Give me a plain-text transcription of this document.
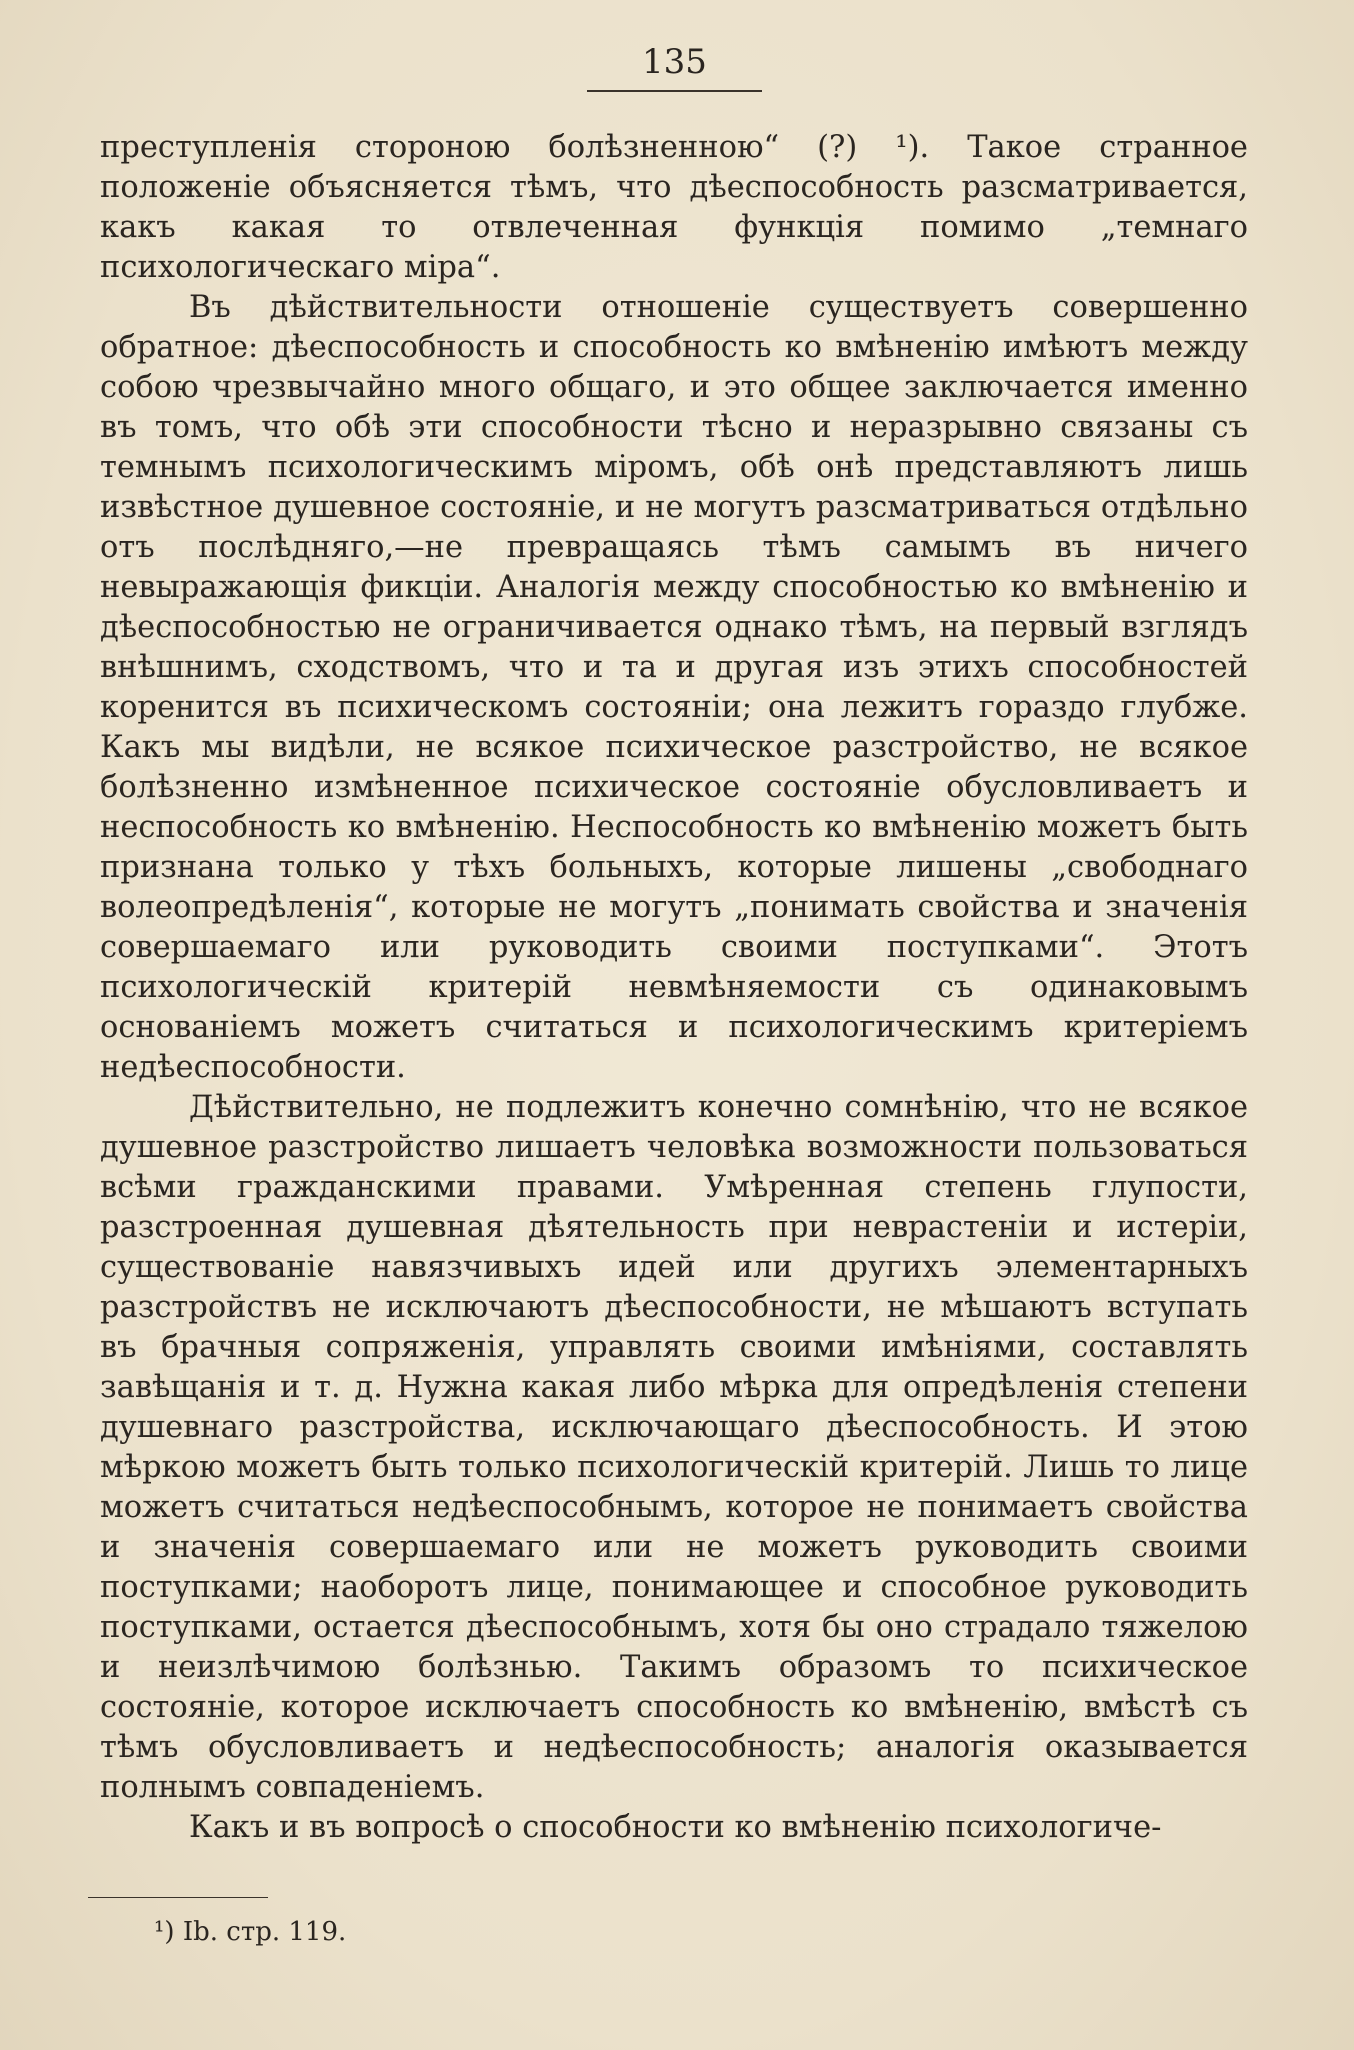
135

преступленія стороною болѣзненною“ (?) ¹). Такое странное положеніе объясняется тѣмъ, что дѣеспособность разсматривается, какъ какая то отвлеченная функція помимо „темнаго психологическаго міра“.

Въ дѣйствительности отношеніе существуетъ совершенно обратное: дѣеспособность и способность ко вмѣненію имѣютъ между собою чрезвычайно много общаго, и это общее заключается именно въ томъ, что обѣ эти способности тѣсно и неразрывно связаны съ темнымъ психологическимъ міромъ, обѣ онѣ представляютъ лишь извѣстное душевное состояніе, и не могутъ разсматриваться отдѣльно отъ послѣдняго,—не превращаясь тѣмъ самымъ въ ничего невыражающія фикціи. Аналогія между способностью ко вмѣненію и дѣеспособностью не ограничивается однако тѣмъ, на первый взглядъ внѣшнимъ, сходствомъ, что и та и другая изъ этихъ способностей коренится въ психическомъ состояніи; она лежитъ гораздо глубже. Какъ мы видѣли, не всякое психическое разстройство, не всякое болѣзненно измѣненное психическое состояніе обусловливаетъ и неспособность ко вмѣненію. Неспособность ко вмѣненію можетъ быть признана только у тѣхъ больныхъ, которые лишены „свободнаго волеопредѣленія“, которые не могутъ „понимать свойства и значенія совершаемаго или руководить своими поступками“. Этотъ психологическій критерій невмѣняемости съ одинаковымъ основаніемъ можетъ считаться и психологическимъ критеріемъ недѣеспособности.

Дѣйствительно, не подлежитъ конечно сомнѣнію, что не всякое душевное разстройство лишаетъ человѣка возможности пользоваться всѣми гражданскими правами. Умѣренная степень глупости, разстроенная душевная дѣятельность при неврастеніи и истеріи, существованіе навязчивыхъ идей или другихъ элементарныхъ разстройствъ не исключаютъ дѣеспособности, не мѣшаютъ вступать въ брачныя сопряженія, управлять своими имѣніями, составлять завѣщанія и т. д. Нужна какая либо мѣрка для опредѣленія степени душевнаго разстройства, исключающаго дѣеспособность. И этою мѣркою можетъ быть только психологическій критерій. Лишь то лице можетъ считаться недѣеспособнымъ, которое не понимаетъ свойства и значенія совершаемаго или не можетъ руководить своими поступками; наоборотъ лице, понимающее и способное руководить поступками, остается дѣеспособнымъ, хотя бы оно страдало тяжелою и неизлѣчимою болѣзнью. Такимъ образомъ то психическое состояніе, которое исключаетъ способность ко вмѣненію, вмѣстѣ съ тѣмъ обусловливаетъ и недѣеспособность; аналогія оказывается полнымъ совпаденіемъ.

Какъ и въ вопросѣ о способности ко вмѣненію психологиче-

¹) Ib. стр. 119.
